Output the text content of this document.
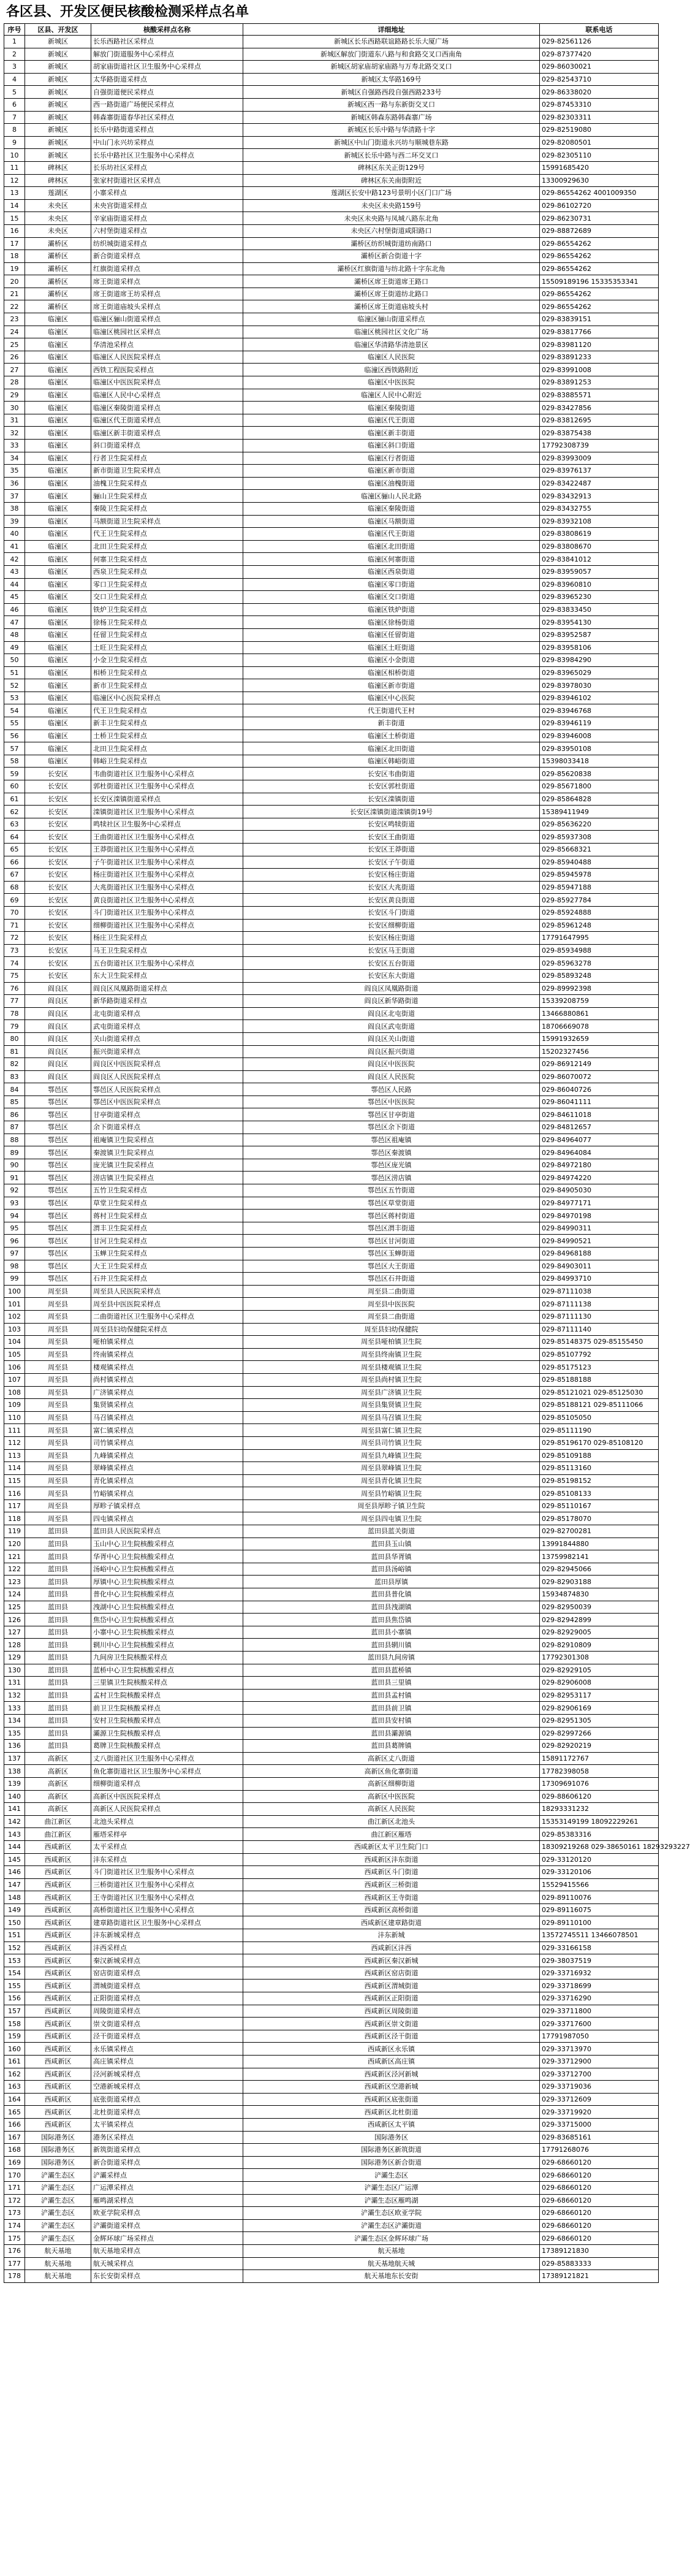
各区县、开发区便民核酸检测采样点名单
序号	区县、开发区	核酸采样点名称	详细地址	联系电话
1	新城区	长乐西路社区采样点	新城区长乐西路联谊路路长乐大厦广场	029-82561126
2	新城区	解放门街道服务中心采样点	新城区解放门街道东八路与和食路交叉口西南角	029-87377420
3	新城区	胡家庙街道社区卫生服务中心采样点	新城区胡家庙胡家庙路与万寿北路交叉口	029-86030021
4	新城区	太华路街道采样点	新城区太华路169号	029-82543710
5	新城区	自强街道便民采样点	新城区自强路西段自强西路233号	029-86338020
6	新城区	西一路街道广场便民采样点	新城区西一路与东新街交叉口	029-87453310
7	新城区	韩森寨街道春华社区采样点	新城区韩森东路韩森寨广场	029-82303311
8	新城区	长乐中路街道采样点	新城区长乐中路与华清路十字	029-82519080
9	新城区	中山门永兴坊采样点	新城区中山门街道永兴坊与顺城巷东路	029-82080501
10	新城区	长乐中路社区卫生服务中心采样点	新城区长乐中路与西二环交叉口	029-82305110
11	碑林区	长乐坊社区采样点	碑林区东关正街129号	15991685420
12	碑林区	张家村街道社区采样点	碑林区东关南街附近	13300929630
13	莲湖区	小寨采样点	莲湖区长安中路123号景明小区门口广场	029-86554262 4001009350
14	未央区	未央宫街道采样点	未央区未央路159号	029-86102720
15	未央区	辛家庙街道采样点	未央区未央路与凤城八路东北角	029-86230731
16	未央区	六村堡街道采样点	未央区六村堡街道咸阳路口	029-88872689
17	灞桥区	纺织城街道采样点	灞桥区纺织城街道纺南路口	029-86554262
18	灞桥区	新合街道采样点	灞桥区新合街道十字	029-86554262
19	灞桥区	红旗街道采样点	灞桥区红旗街道与纺北路十字东北角	029-86554262
20	灞桥区	席王街道采样点	灞桥区席王街道席王路口	15509189196 15335353341
21	灞桥区	席王街道席王坊采样点	灞桥区席王街道纺北路口	029-86554262
22	灞桥区	席王街道庙坡头采样点	灞桥区席王街道庙坡头村	029-86554262
23	临潼区	临潼区骊山街道采样点	临潼区骊山街道采样点	029-83839151
24	临潼区	临潼区桃园社区采样点	临潼区桃园社区文化广场	029-83817766
25	临潼区	华清池采样点	临潼区华清路华清池景区	029-83981120
26	临潼区	临潼区人民医院采样点	临潼区人民医院	029-83891233
27	临潼区	西铁工程医院采样点	临潼区西铁路附近	029-83991008
28	临潼区	临潼区中医医院采样点	临潼区中医医院	029-83891253
29	临潼区	临潼区人民中心采样点	临潼区人民中心附近	029-83885571
30	临潼区	临潼区秦陵街道采样点	临潼区秦陵街道	029-83427856
31	临潼区	临潼区代王街道采样点	临潼区代王街道	029-83812695
32	临潼区	临潼区新丰街道采样点	临潼区新丰街道	029-83875438
33	临潼区	斜口街道采样点	临潼区斜口街道	17792308739
34	临潼区	行者卫生院采样点	临潼区行者街道	029-83993009
35	临潼区	新市街道卫生院采样点	临潼区新市街道	029-83976137
36	临潼区	油槐卫生院采样点	临潼区油槐街道	029-83422487
37	临潼区	骊山卫生院采样点	临潼区骊山人民北路	029-83432913
38	临潼区	秦陵卫生院采样点	临潼区秦陵街道	029-83432755
39	临潼区	马额街道卫生院采样点	临潼区马额街道	029-83932108
40	临潼区	代王卫生院采样点	临潼区代王街道	029-83808619
41	临潼区	北田卫生院采样点	临潼区北田街道	029-83808670
42	临潼区	何寨卫生院采样点	临潼区何寨街道	029-83841012
43	临潼区	西泉卫生院采样点	临潼区西泉街道	029-83959057
44	临潼区	零口卫生院采样点	临潼区零口街道	029-83960810
45	临潼区	交口卫生院采样点	临潼区交口街道	029-83965230
46	临潼区	铁炉卫生院采样点	临潼区铁炉街道	029-83833450
47	临潼区	徐杨卫生院采样点	临潼区徐杨街道	029-83954130
48	临潼区	任留卫生院采样点	临潼区任留街道	029-83952587
49	临潼区	土旺卫生院采样点	临潼区土旺街道	029-83958106
50	临潼区	小金卫生院采样点	临潼区小金街道	029-83984290
51	临潼区	相桥卫生院采样点	临潼区相桥街道	029-83965029
52	临潼区	新市卫生院采样点	临潼区新市街道	029-83978030
53	临潼区	临潼区中心医院采样点	临潼区中心医院	029-83946102
54	临潼区	代王卫生院采样点	代王街道代王村	029-83946768
55	临潼区	新丰卫生院采样点	新丰街道	029-83946119
56	临潼区	土桥卫生院采样点	临潼区土桥街道	029-83946008
57	临潼区	北田卫生院采样点	临潼区北田街道	029-83950108
58	临潼区	韩峪卫生院采样点	临潼区韩峪街道	15398033418
59	长安区	韦曲街道社区卫生服务中心采样点	长安区韦曲街道	029-85620838
60	长安区	郭杜街道社区卫生服务中心采样点	长安区郭杜街道	029-85671800
61	长安区	长安区滦镇街道采样点	长安区滦镇街道	029-85864828
62	长安区	滦镇街道社区卫生服务中心采样点	长安区滦镇街道滦镇街19号	15389411949
63	长安区	鸣犊社区卫生服务中心采样点	长安区鸣犊街道	029-85636220
64	长安区	王曲街道社区卫生服务中心采样点	长安区王曲街道	029-85937308
65	长安区	王莽街道社区卫生服务中心采样点	长安区王莽街道	029-85668321
66	长安区	子午街道社区卫生服务中心采样点	长安区子午街道	029-85940488
67	长安区	杨庄街道社区卫生服务中心采样点	长安区杨庄街道	029-85945978
68	长安区	大兆街道社区卫生服务中心采样点	长安区大兆街道	029-85947188
69	长安区	黄良街道社区卫生服务中心采样点	长安区黄良街道	029-85927784
70	长安区	斗门街道社区卫生服务中心采样点	长安区斗门街道	029-85924888
71	长安区	细柳街道社区卫生服务中心采样点	长安区细柳街道	029-85961248
72	长安区	杨庄卫生院采样点	长安区杨庄街道	17791647995
73	长安区	马王卫生院采样点	长安区马王街道	029-85934988
74	长安区	五台街道社区卫生服务中心采样点	长安区五台街道	029-85963278
75	长安区	东大卫生院采样点	长安区东大街道	029-85893248
76	阎良区	阎良区凤凰路街道采样点	阎良区凤凰路街道	029-89992398
77	阎良区	新华路街道采样点	阎良区新华路街道	15339208759
78	阎良区	北屯街道采样点	阎良区北屯街道	13466880861
79	阎良区	武屯街道采样点	阎良区武屯街道	18706669078
80	阎良区	关山街道采样点	阎良区关山街道	15991932659
81	阎良区	振兴街道采样点	阎良区振兴街道	15202327456
82	阎良区	阎良区中医医院采样点	阎良区中医医院	029-86912149
83	阎良区	阎良区人民医院采样点	阎良区人民医院	029-86070072
84	鄠邑区	鄠邑区人民医院采样点	鄠邑区人民路	029-86040726
85	鄠邑区	鄠邑区中医医院采样点	鄠邑区中医医院	029-86041111
86	鄠邑区	甘亭街道采样点	鄠邑区甘亭街道	029-84611018
87	鄠邑区	余下街道采样点	鄠邑区余下街道	029-84812657
88	鄠邑区	祖庵镇卫生院采样点	鄠邑区祖庵镇	029-84964077
89	鄠邑区	秦渡镇卫生院采样点	鄠邑区秦渡镇	029-84964084
90	鄠邑区	庞光镇卫生院采样点	鄠邑区庞光镇	029-84972180
91	鄠邑区	涝店镇卫生院采样点	鄠邑区涝店镇	029-84974220
92	鄠邑区	五竹卫生院采样点	鄠邑区五竹街道	029-84905030
93	鄠邑区	草堂卫生院采样点	鄠邑区草堂街道	029-84977171
94	鄠邑区	蒋村卫生院采样点	鄠邑区蒋村街道	029-84970198
95	鄠邑区	渭丰卫生院采样点	鄠邑区渭丰街道	029-84990311
96	鄠邑区	甘河卫生院采样点	鄠邑区甘河街道	029-84990521
97	鄠邑区	玉蝉卫生院采样点	鄠邑区玉蝉街道	029-84968188
98	鄠邑区	大王卫生院采样点	鄠邑区大王街道	029-84903011
99	鄠邑区	石井卫生院采样点	鄠邑区石井街道	029-84993710
100	周至县	周至县人民医院采样点	周至县二曲街道	029-87111038
101	周至县	周至县中医医院采样点	周至县中医医院	029-87111138
102	周至县	二曲街道社区卫生服务中心采样点	周至县二曲街道	029-87111130
103	周至县	周至县妇幼保健院采样点	周至县妇幼保健院	029-87111140
104	周至县	哑柏镇采样点	周至县哑柏镇卫生院	029-85148375 029-85155450
105	周至县	终南镇采样点	周至县终南镇卫生院	029-85107792
106	周至县	楼观镇采样点	周至县楼观镇卫生院	029-85175123
107	周至县	尚村镇采样点	周至县尚村镇卫生院	029-85188188
108	周至县	广济镇采样点	周至县广济镇卫生院	029-85121021 029-85125030
109	周至县	集贤镇采样点	周至县集贤镇卫生院	029-85188121 029-85111066
110	周至县	马召镇采样点	周至县马召镇卫生院	029-85105050
111	周至县	富仁镇采样点	周至县富仁镇卫生院	029-85111190
112	周至县	司竹镇采样点	周至县司竹镇卫生院	029-85196170 029-85108120
113	周至县	九峰镇采样点	周至县九峰镇卫生院	029-85109188
114	周至县	翠峰镇采样点	周至县翠峰镇卫生院	029-85113160
115	周至县	青化镇采样点	周至县青化镇卫生院	029-85198152
116	周至县	竹峪镇采样点	周至县竹峪镇卫生院	029-85108133
117	周至县	厚畛子镇采样点	周至县厚畛子镇卫生院	029-85110167
118	周至县	四屯镇采样点	周至县四屯镇卫生院	029-85178070
119	蓝田县	蓝田县人民医院采样点	蓝田县蓝关街道	029-82700281
120	蓝田县	玉山中心卫生院核酸采样点	蓝田县玉山镇	13991844880
121	蓝田县	华胥中心卫生院核酸采样点	蓝田县华胥镇	13759982141
122	蓝田县	汤峪中心卫生院核酸采样点	蓝田县汤峪镇	029-82945066
123	蓝田县	厚镇中心卫生院核酸采样点	蓝田县厚镇	029-82903188
124	蓝田县	普化中心卫生院核酸采样点	蓝田县普化镇	15934874830
125	蓝田县	洩湖中心卫生院核酸采样点	蓝田县洩湖镇	029-82950039
126	蓝田县	焦岱中心卫生院核酸采样点	蓝田县焦岱镇	029-82942899
127	蓝田县	小寨中心卫生院核酸采样点	蓝田县小寨镇	029-82929005
128	蓝田县	辋川中心卫生院核酸采样点	蓝田县辋川镇	029-82910809
129	蓝田县	九间房卫生院核酸采样点	蓝田县九间房镇	17792301308
130	蓝田县	蓝桥中心卫生院核酸采样点	蓝田县蓝桥镇	029-82929105
131	蓝田县	三里镇卫生院核酸采样点	蓝田县三里镇	029-82906008
132	蓝田县	孟村卫生院核酸采样点	蓝田县孟村镇	029-82953117
133	蓝田县	前卫卫生院核酸采样点	蓝田县前卫镇	029-82906169
134	蓝田县	安村卫生院核酸采样点	蓝田县安村镇	029-82951305
135	蓝田县	灞源卫生院核酸采样点	蓝田县灞源镇	029-82997266
136	蓝田县	葛牌卫生院核酸采样点	蓝田县葛牌镇	029-82920219
137	高新区	丈八街道社区卫生服务中心采样点	高新区丈八街道	15891172767
138	高新区	鱼化寨街道社区卫生服务中心采样点	高新区鱼化寨街道	17782398058
139	高新区	细柳街道采样点	高新区细柳街道	17309691076
140	高新区	高新区中医医院采样点	高新区中医医院	029-88606120
141	高新区	高新区人民医院采样点	高新区人民医院	18293331232
142	曲江新区	北池头采样点	曲江新区北池头	15353149199 18092229261
143	曲江新区	雁塔采样亭	曲江新区雁塔	029-85383316
144	西咸新区	太平采样点	西咸新区太平卫生院门口	18309219268 029-38650161 18293293227
145	西咸新区	沣东采样点	西咸新区沣东街道	029-33120120
146	西咸新区	斗门街道社区卫生服务中心采样点	西咸新区斗门街道	029-33120106
147	西咸新区	三桥街道社区卫生服务中心采样点	西咸新区三桥街道	15529415566
148	西咸新区	王寺街道社区卫生服务中心采样点	西咸新区王寺街道	029-89110076
149	西咸新区	高桥街道社区卫生服务中心采样点	西咸新区高桥街道	029-89116075
150	西咸新区	建章路街道社区卫生服务中心采样点	西咸新区建章路街道	029-89110100
151	西咸新区	沣东新城采样点	沣东新城	13572745511 13466078501
152	西咸新区	沣西采样点	西咸新区沣西	029-33166158
153	西咸新区	秦汉新城采样点	西咸新区秦汉新城	029-38037519
154	西咸新区	窑店街道采样点	西咸新区窑店街道	029-33716932
155	西咸新区	渭城街道采样点	西咸新区渭城街道	029-33718699
156	西咸新区	正阳街道采样点	西咸新区正阳街道	029-33716290
157	西咸新区	周陵街道采样点	西咸新区周陵街道	029-33711800
158	西咸新区	崇文街道采样点	西咸新区崇文街道	029-33717600
159	西咸新区	泾干街道采样点	西咸新区泾干街道	17791987050
160	西咸新区	永乐镇采样点	西咸新区永乐镇	029-33713970
161	西咸新区	高庄镇采样点	西咸新区高庄镇	029-33712900
162	西咸新区	泾河新城采样点	西咸新区泾河新城	029-33712700
163	西咸新区	空港新城采样点	西咸新区空港新城	029-33719036
164	西咸新区	底张街道采样点	西咸新区底张街道	029-33712609
165	西咸新区	北杜街道采样点	西咸新区北杜街道	029-33719920
166	西咸新区	太平镇采样点	西咸新区太平镇	029-33715000
167	国际港务区	港务区采样点	国际港务区	029-83685161
168	国际港务区	新筑街道采样点	国际港务区新筑街道	17791268076
169	国际港务区	新合街道采样点	国际港务区新合街道	029-68660120
170	浐灞生态区	浐灞采样点	浐灞生态区	029-68660120
171	浐灞生态区	广运潭采样点	浐灞生态区广运潭	029-68660120
172	浐灞生态区	雁鸣湖采样点	浐灞生态区雁鸣湖	029-68660120
173	浐灞生态区	欧亚学院采样点	浐灞生态区欧亚学院	029-68660120
174	浐灞生态区	浐灞街道采样点	浐灞生态区浐灞街道	029-68660120
175	浐灞生态区	金辉环球广场采样点	浐灞生态区金辉环球广场	029-68660120
176	航天基地	航天基地采样点	航天基地	17389121830
177	航天基地	航天城采样点	航天基地航天城	029-85883333
178	航天基地	东长安街采样点	航天基地东长安街	17389121821
